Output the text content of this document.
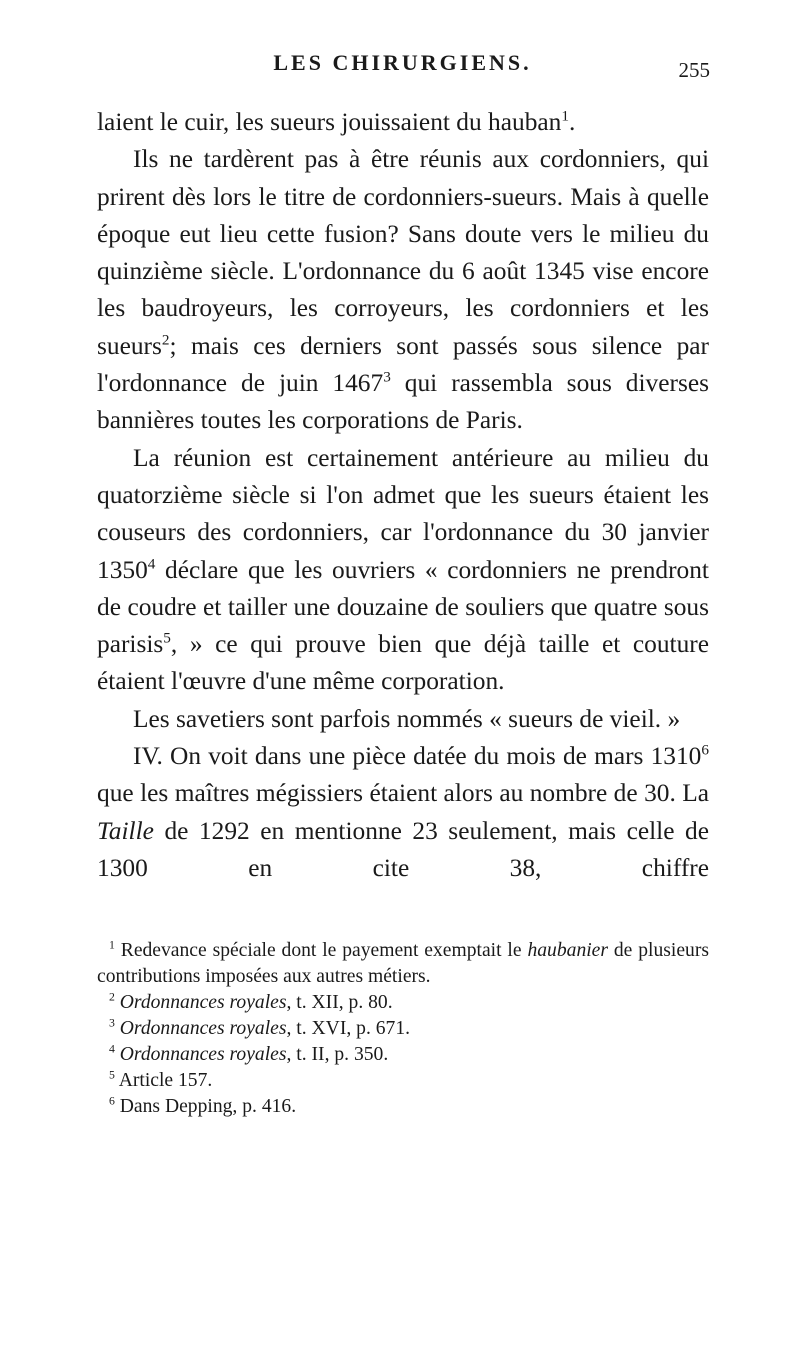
LES CHIRURGIENS.	255

laient le cuir, les sueurs jouissaient du hauban$^1$.

Ils ne tardèrent pas à être réunis aux cordonniers, qui prirent dès lors le titre de cordonniers-sueurs. Mais à quelle époque eut lieu cette fusion? Sans doute vers le milieu du quinzième siècle. L'ordonnance du 6 août 1345 vise encore les baudroyeurs, les corroyeurs, les cordonniers et les sueurs$^2$; mais ces derniers sont passés sous silence par l'ordonnance de juin 1467$^3$ qui rassembla sous diverses bannières toutes les corporations de Paris.

La réunion est certainement antérieure au milieu du quatorzième siècle si l'on admet que les sueurs étaient les couseurs des cordonniers, car l'ordonnance du 30 janvier 1350$^4$ déclare que les ouvriers « cordonniers ne prendront de coudre et tailler une douzaine de souliers que quatre sous parisis$^5$, » ce qui prouve bien que déjà taille et couture étaient l'œuvre d'une même corporation.

Les savetiers sont parfois nommés « sueurs de vieil. »

IV. On voit dans une pièce datée du mois de mars 1310$^6$ que les maîtres mégissiers étaient alors au nombre de 30. La Taille de 1292 en mentionne 23 seulement, mais celle de 1300 en cite 38, chiffre

$^1$ Redevance spéciale dont le payement exemptait le haubanier de plusieurs contributions imposées aux autres métiers.

$^2$ Ordonnances royales, t. XII, p. 80.

$^3$ Ordonnances royales, t. XVI, p. 671.

$^4$ Ordonnances royales, t. II, p. 350.

$^5$ Article 157.

$^6$ Dans Depping, p. 416.
